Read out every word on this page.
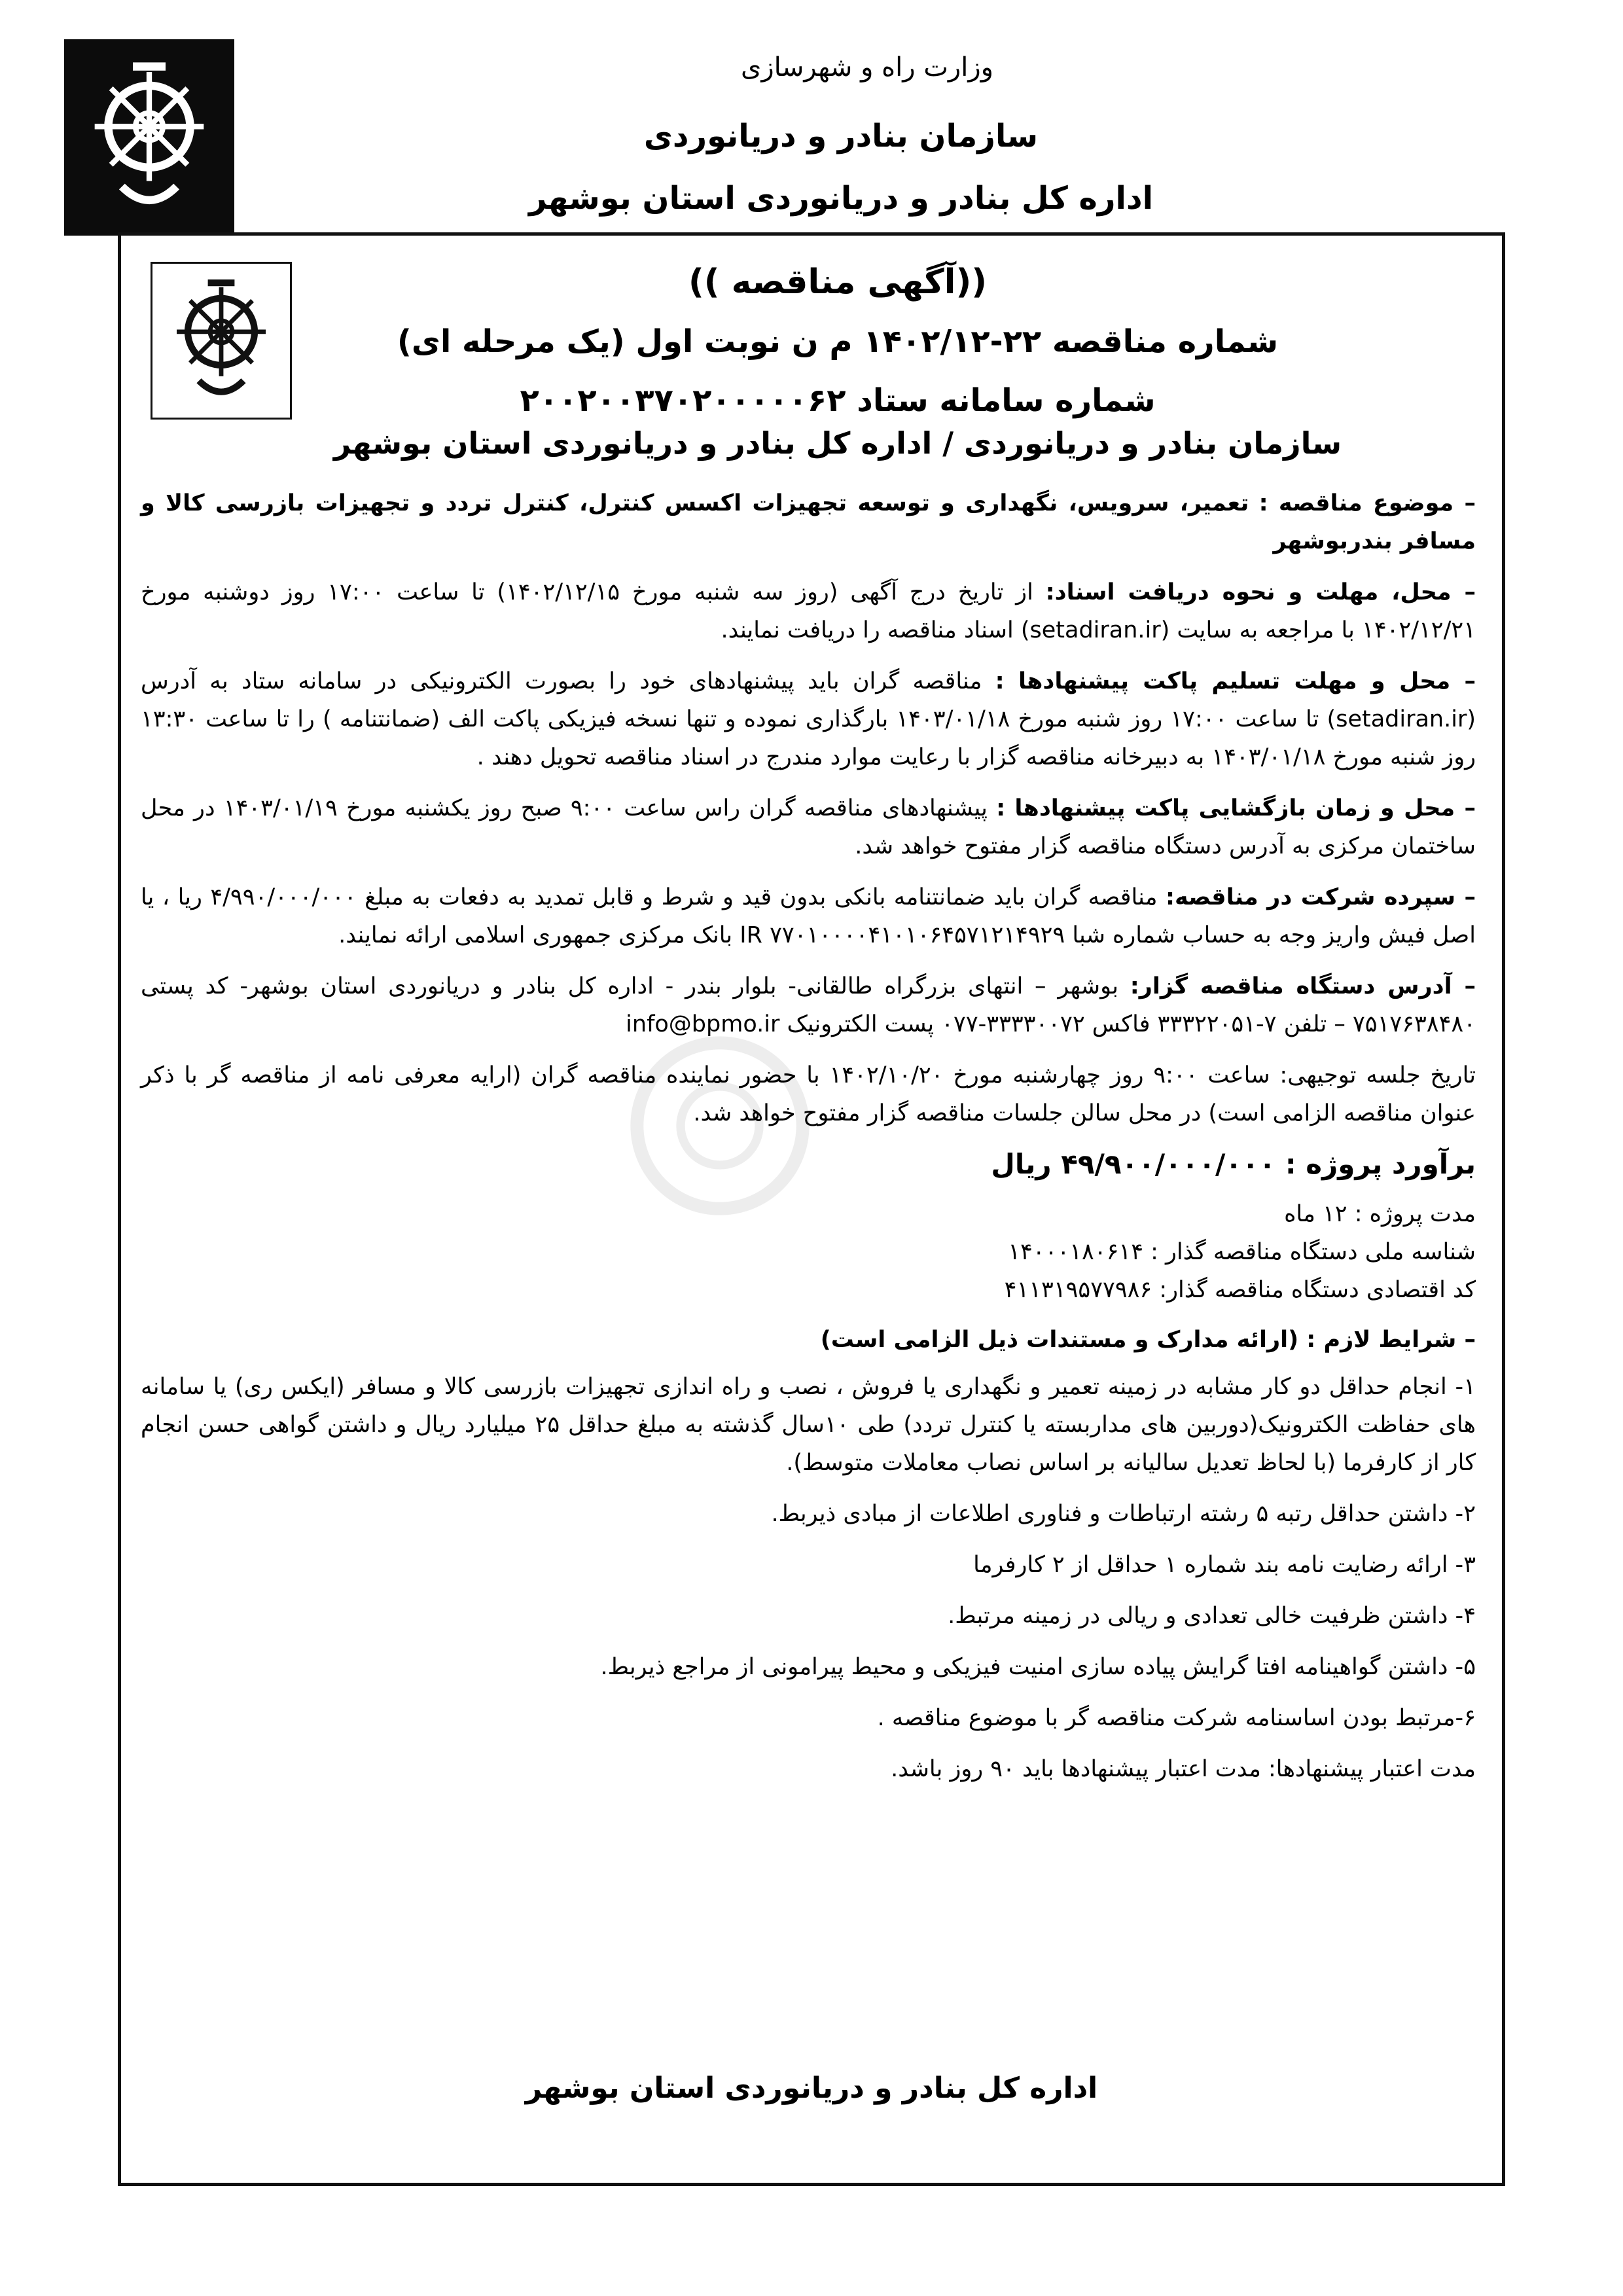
وزارت راه و شهرسازی
سازمان بنادر و دریانوردی
اداره کل بنادر و دریانوردی استان بوشهر
((آگهی مناقصه ))
شماره مناقصه ۲۲-۱۴۰۲/۱۲ م ن نوبت اول (یک مرحله ای)
شماره سامانه ستاد ۲۰۰۲۰۰۳۷۰۲۰۰۰۰۰۶۲
سازمان بنادر و دریانوردی / اداره کل بنادر و دریانوردی استان بوشهر

– موضوع مناقصه : تعمیر، سرویس، نگهداری و توسعه تجهیزات اکسس کنترل، کنترل تردد و تجهیزات بازرسی کالا و مسافر بندربوشهر

– محل، مهلت و نحوه دریافت اسناد: از تاریخ درج آگهی (روز سه شنبه مورخ ۱۴۰۲/۱۲/۱۵) تا ساعت ۱۷:۰۰ روز دوشنبه مورخ ۱۴۰۲/۱۲/۲۱ با مراجعه به سایت (setadiran.ir) اسناد مناقصه را دریافت نمایند.

– محل و مهلت تسلیم پاکت پیشنهادها : مناقصه گران باید پیشنهادهای خود را بصورت الکترونیکی در سامانه ستاد به آدرس (setadiran.ir) تا ساعت ۱۷:۰۰ روز شنبه مورخ ۱۴۰۳/۰۱/۱۸ بارگذاری نموده و تنها نسخه فیزیکی پاکت الف (ضمانتنامه ) را تا ساعت ۱۳:۳۰ روز شنبه مورخ ۱۴۰۳/۰۱/۱۸ به دبیرخانه مناقصه گزار با رعایت موارد مندرج در اسناد مناقصه تحویل دهند .

– محل و زمان بازگشایی پاکت پیشنهادها : پیشنهادهای مناقصه گران راس ساعت ۹:۰۰ صبح روز یکشنبه مورخ ۱۴۰۳/۰۱/۱۹ در محل ساختمان مرکزی به آدرس دستگاه مناقصه گزار مفتوح خواهد شد.

– سپرده شرکت در مناقصه: مناقصه گران باید ضمانتنامه بانکی بدون قید و شرط و قابل تمدید به دفعات به مبلغ ۴/۹۹۰/۰۰۰/۰۰۰ ریا ، یا اصل فیش واریز وجه به حساب شماره شبا IR ۷۷۰۱۰۰۰۰۴۱۰۱۰۶۴۵۷۱۲۱۴۹۲۹ بانک مرکزی جمهوری اسلامی ارائه نمایند.

– آدرس دستگاه مناقصه گزار: بوشهر – انتهای بزرگراه طالقانی- بلوار بندر - اداره کل بنادر و دریانوردی استان بوشهر- کد پستی ۷۵۱۷۶۳۸۴۸۰ – تلفن ۷-۳۳۳۲۲۰۵۱ فاکس ۳۳۳۳۰۰۷۲-۰۷۷ پست الکترونیک info@bpmo.ir

تاریخ جلسه توجیهی: ساعت ۹:۰۰ روز چهارشنبه مورخ ۱۴۰۲/۱۰/۲۰ با حضور نماینده مناقصه گران (ارایه معرفی نامه از مناقصه گر با ذکر عنوان مناقصه الزامی است) در محل سالن جلسات مناقصه گزار مفتوح خواهد شد.

برآورد پروژه : ۴۹/۹۰۰/۰۰۰/۰۰۰ ریال
مدت پروژه : ۱۲ ماه
شناسه ملی دستگاه مناقصه گذار : ۱۴۰۰۰۱۸۰۶۱۴
کد اقتصادی دستگاه مناقصه گذار: ۴۱۱۳۱۹۵۷۷۹۸۶
– شرایط لازم : (ارائه مدارک و مستندات ذیل الزامی است)
۱- انجام حداقل دو کار مشابه در زمینه تعمیر و نگهداری یا فروش ، نصب و راه اندازی تجهیزات بازرسی کالا و مسافر (ایکس ری) یا سامانه های حفاظت الکترونیک(دوربین های مداربسته یا کنترل تردد) طی ۱۰سال گذشته به مبلغ حداقل ۲۵ میلیارد ریال و داشتن گواهی حسن انجام کار از کارفرما (با لحاظ تعدیل سالیانه بر اساس نصاب معاملات متوسط).
۲- داشتن حداقل رتبه ۵ رشته ارتباطات و فناوری اطلاعات از مبادی ذیربط.
۳- ارائه رضایت نامه بند شماره ۱ حداقل از ۲ کارفرما
۴- داشتن ظرفیت خالی تعدادی و ریالی در زمینه مرتبط.
۵- داشتن گواهینامه افتا گرایش پیاده سازی امنیت فیزیکی و محیط پیرامونی از مراجع ذیربط.
۶-مرتبط بودن اساسنامه شرکت مناقصه گر با موضوع مناقصه .
مدت اعتبار پیشنهادها: مدت اعتبار پیشنهادها باید ۹۰ روز باشد.
اداره کل بنادر و دریانوردی استان بوشهر
